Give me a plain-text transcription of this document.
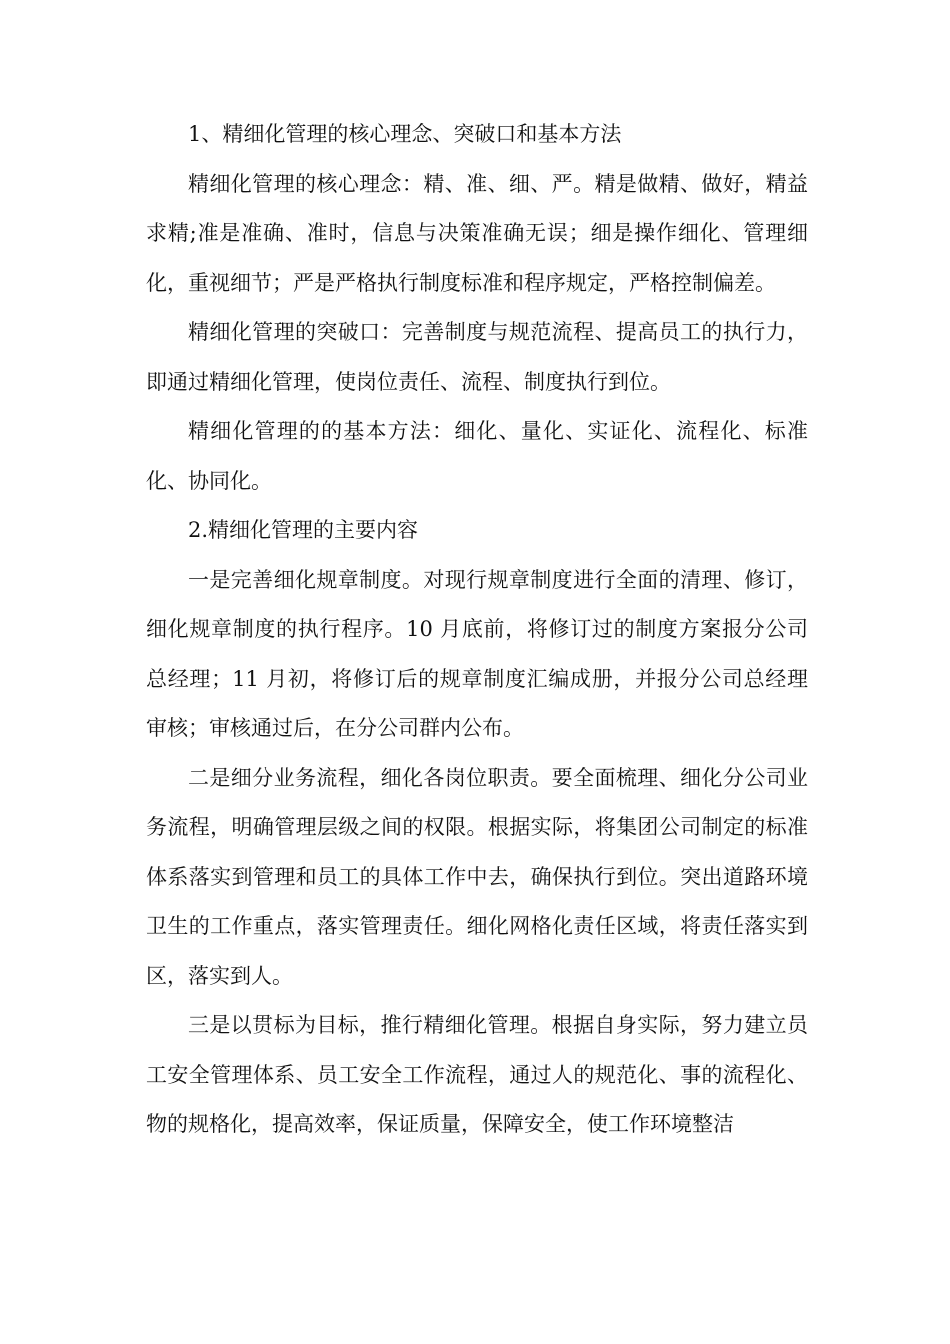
1、精细化管理的核心理念、突破口和基本方法

精细化管理的核心理念：精、准、细、严。精是做精、做好，精益求精;准是准确、准时，信息与决策准确无误；细是操作细化、管理细化，重视细节；严是严格执行制度标准和程序规定，严格控制偏差。

精细化管理的突破口：完善制度与规范流程、提高员工的执行力，即通过精细化管理，使岗位责任、流程、制度执行到位。

精细化管理的的基本方法：细化、量化、实证化、流程化、标准化、协同化。

2.精细化管理的主要内容

一是完善细化规章制度。对现行规章制度进行全面的清理、修订，细化规章制度的执行程序。10 月底前，将修订过的制度方案报分公司总经理；11 月初，将修订后的规章制度汇编成册，并报分公司总经理审核；审核通过后，在分公司群内公布。

二是细分业务流程，细化各岗位职责。要全面梳理、细化分公司业务流程，明确管理层级之间的权限。根据实际，将集团公司制定的标准体系落实到管理和员工的具体工作中去，确保执行到位。突出道路环境卫生的工作重点，落实管理责任。细化网格化责任区域，将责任落实到区，落实到人。

三是以贯标为目标，推行精细化管理。根据自身实际，努力建立员工安全管理体系、员工安全工作流程，通过人的规范化、事的流程化、物的规格化，提高效率，保证质量，保障安全，使工作环境整洁
